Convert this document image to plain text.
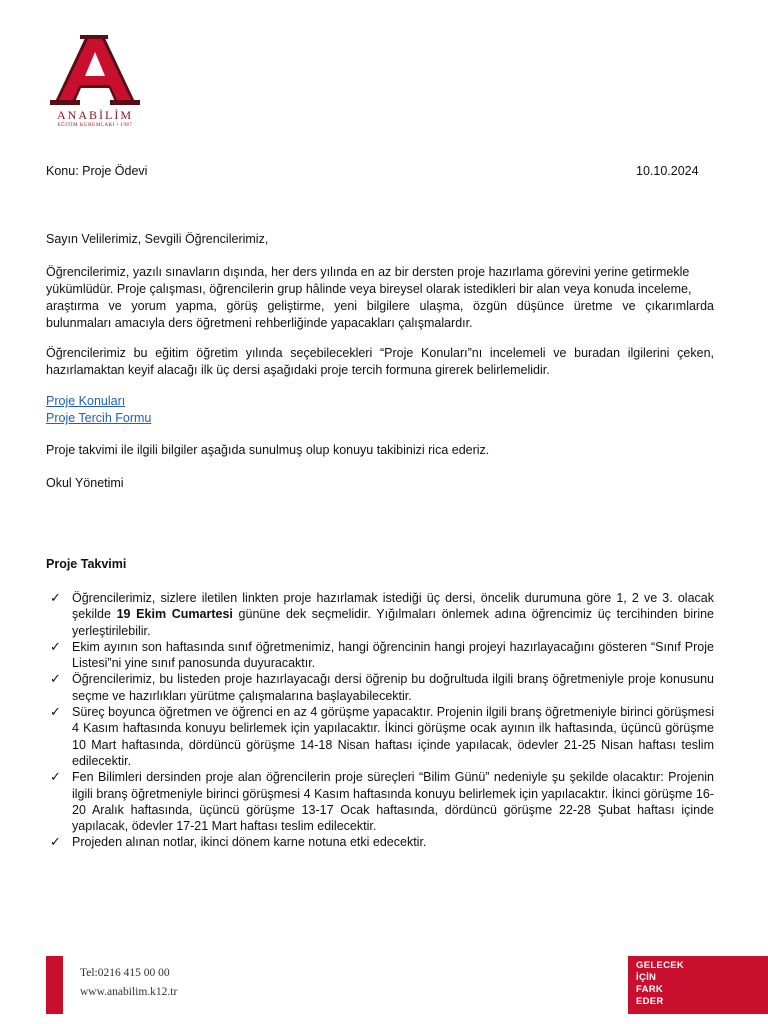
ANABİLİM
EĞİTİM KURUMLARI • 1987
Konu: Proje Ödevi	10.10.2024
Sayın Velilerimiz, Sevgili Öğrencilerimiz,
Öğrencilerimiz, yazılı sınavların dışında, her ders yılında en az bir dersten proje hazırlama görevini yerine getirmekle
yükümlüdür. Proje çalışması, öğrencilerin grup hâlinde veya bireysel olarak istedikleri bir alan veya konuda inceleme,
araştırma ve yorum yapma, görüş geliştirme, yeni bilgilere ulaşma, özgün düşünce üretme ve çıkarımlarda
bulunmaları amacıyla ders öğretmeni rehberliğinde yapacakları çalışmalardır.
Öğrencilerimiz bu eğitim öğretim yılında seçebilecekleri “Proje Konuları”nı incelemeli ve buradan ilgilerini çeken,
hazırlamaktan keyif alacağı ilk üç dersi aşağıdaki proje tercih formuna girerek belirlemelidir.
Proje Konuları
Proje Tercih Formu
Proje takvimi ile ilgili bilgiler aşağıda sunulmuş olup konuyu takibinizi rica ederiz.
Okul Yönetimi
Proje Takvimi
✓ Öğrencilerimiz, sizlere iletilen linkten proje hazırlamak istediği üç dersi, öncelik durumuna göre 1, 2 ve 3. olacak şekilde 19 Ekim Cumartesi gününe dek seçmelidir. Yığılmaları önlemek adına öğrencimiz üç tercihinden birine yerleştirilebilir.
✓ Ekim ayının son haftasında sınıf öğretmenimiz, hangi öğrencinin hangi projeyi hazırlayacağını gösteren “Sınıf Proje Listesi”ni yine sınıf panosunda duyuracaktır.
✓ Öğrencilerimiz, bu listeden proje hazırlayacağı dersi öğrenip bu doğrultuda ilgili branş öğretmeniyle proje konusunu seçme ve hazırlıkları yürütme çalışmalarına başlayabilecektir.
✓ Süreç boyunca öğretmen ve öğrenci en az 4 görüşme yapacaktır. Projenin ilgili branş öğretmeniyle birinci görüşmesi 4 Kasım haftasında konuyu belirlemek için yapılacaktır. İkinci görüşme ocak ayının ilk haftasında, üçüncü görüşme 10 Mart haftasında, dördüncü görüşme 14-18 Nisan haftası içinde yapılacak, ödevler 21-25 Nisan haftası teslim edilecektir.
✓ Fen Bilimleri dersinden proje alan öğrencilerin proje süreçleri “Bilim Günü” nedeniyle şu şekilde olacaktır: Projenin ilgili branş öğretmeniyle birinci görüşmesi 4 Kasım haftasında konuyu belirlemek için yapılacaktır. İkinci görüşme 16-20 Aralık haftasında, üçüncü görüşme 13-17 Ocak haftasında, dördüncü görüşme 22-28 Şubat haftası içinde yapılacak, ödevler 17-21 Mart haftası teslim edilecektir.
✓ Projeden alınan notlar, ikinci dönem karne notuna etki edecektir.
Tel:0216 415 00 00
www.anabilim.k12.tr
GELECEK
İÇİN
FARK
EDER
